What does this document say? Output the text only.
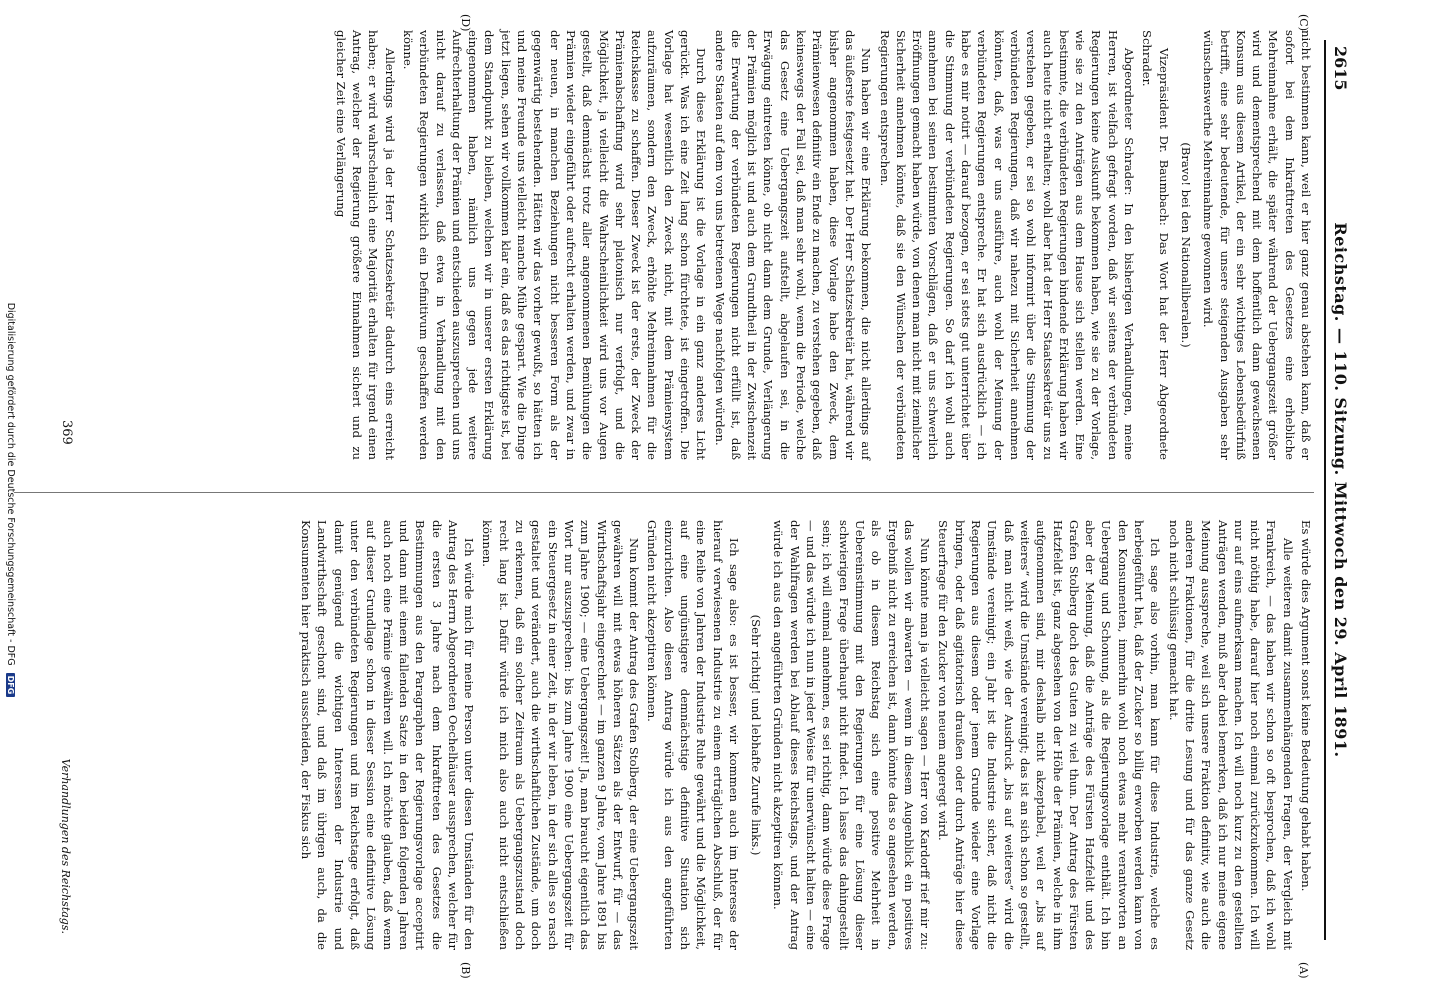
2615
Reichstag. — 110. Sitzung. Mittwoch den 29. April 1891.
(C)
(D)
(A)
(B)

nicht bestimmen kann, weil er hier ganz genau abstehen kann, daß er sofort bei dem Inkrafttreten des Gesetzes eine erhebliche Mehreinnahme erhält, die später während der Uebergangszeit größer wird und dementsprechend mit dem hoffentlich dann gewachsenen Konsum aus diesem Artikel, der ein sehr wichtiges Lebensbedürfniß betrifft, eine sehr bedeutende, für unsere steigenden Ausgaben sehr wünschenswerthe Mehreinnahme gewonnen wird.

(Bravo! bei den Nationalliberalen.)

Vizepräsident Dr. Baumbach: Das Wort hat der Herr Abgeordnete Schrader.

Abgeordneter Schrader: In den bisherigen Verhandlungen, meine Herren, ist vielfach gefragt worden, daß wir seitens der verbündeten Regierungen keine Auskunft bekommen haben, wie sie zu der Vorlage, wie sie zu den Anträgen aus dem Hause sich stellen werden. Eine bestimmte, die verbündeten Regierungen bindende Erklärung haben wir auch heute nicht erhalten; wohl aber hat der Herr Staatssekretär uns zu verstehen gegeben, er sei so wohl informirt über die Stimmung der verbündeten Regierungen, daß wir nahezu mit Sicherheit annehmen könnten, daß, was er uns ausführe, auch wohl der Meinung der verbündeten Regierungen entspreche. Er hat sich ausdrücklich — ich habe es mir notirt — darauf bezogen, er sei stets gut unterrichtet über die Stimmung der verbündeten Regierungen. So darf ich wohl auch annehmen bei seinen bestimmten Vorschlägen, daß er uns schwerlich Eröffnungen gemacht haben würde, von denen man nicht mit ziemlicher Sicherheit annehmen könnte, daß sie den Wünschen der verbündeten Regierungen entsprechen.

Nun haben wir eine Erklärung bekommen, die nicht allerdings auf das äußerste festgesetzt hat. Der Herr Schatzsekretär hat, während wir bisher angenommen haben, diese Vorlage habe den Zweck, dem Prämienwesen definitiv ein Ende zu machen, zu verstehen gegeben, daß keineswegs der Fall sei, daß man sehr wohl, wenn die Periode, welche das Gesetz eine Uebergangszeit aufstellt, abgelaufen sei, in die Erwägung eintreten könne, ob nicht dann dem Grunde, Verlängerung der Prämien möglich ist und auch dem Grundtheil in der Zwischenzeit die Erwartung der verbündeten Regierungen nicht erfüllt ist, daß andere Staaten auf dem von uns betretenen Wege nachfolgen würden.

Durch diese Erklärung ist die Vorlage in ein ganz anderes Licht gerückt. Was ich eine Zeit lang schon fürchtete, ist eingetroffen. Die Vorlage hat wesentlich den Zweck nicht, mit dem Prämiensystem aufzuräumen, sondern den Zweck, erhöhte Mehreinnahmen für die Reichskasse zu schaffen. Dieser Zweck ist der erste, der Zweck der Prämienabschaffung wird sehr platonisch nur verfolgt, und die Möglichkeit, ja vielleicht die Wahrscheinlichkeit wird uns vor Augen gestellt, daß demnächst trotz aller angenommenen Bemühungen die Prämien wieder eingeführt oder aufrecht erhalten werden, und zwar in der neuen, in manchen Beziehungen nicht besseren Form als der gegenwärtig bestehenden. Hätten wir das vorher gewußt, so hätten ich und meine Freunde uns vielleicht manche Mühe gespart. Wie die Dinge jetzt liegen, sehen wir vollkommen klar ein, daß es das richtigste ist, bei dem Standpunkt zu bleiben, welchen wir in unserer ersten Erklärung eingenommen haben, nämlich uns gegen jede weitere Aufrechterhaltung der Prämien und entschieden auszusprechen und uns nicht darauf zu verlassen, daß etwa in Verhandlung mit den verbündeten Regierungen wirklich ein Definitivum geschaffen werden könne.

Allerdings wird ja der Herr Schatzsekretär dadurch eins erreicht haben; er wird wahrscheinlich eine Majorität erhalten für irgend einen Antrag, welcher der Regierung größere Einnahmen sichert und zu gleicher Zeit eine Verlängerung

Es würde dies Argument sonst keine Bedeutung gehabt haben.

Alle weiteren damit zusammenhängenden Fragen, der Vergleich mit Frankreich, — das haben wir schon so oft besprochen, daß ich wohl nicht nöthig habe, darauf hier noch einmal zurückzukommen. Ich will nur auf eins aufmerksam machen. Ich will noch kurz zu den gestellten Anträgen wenden, muß aber dabei bemerken, daß ich nur meine eigene Meinung ausspreche, weil sich unsere Fraktion definitiv, wie auch die anderen Fraktionen, für die dritte Lesung und für das ganze Gesetz noch nicht schlüssig gemacht hat.

Ich sage also vorhin, man kann für diese Industrie, welche es herbeigeführt hat, daß der Zucker so billig erworben werden kann von den Konsumenten, immerhin wohl noch etwas mehr verantworten an Uebergang und Schonung, als die Regierungsvorlage enthält. Ich bin aber der Meinung, daß die Anträge des Fürsten Hatzfeldt und des Grafen Stolberg doch des Guten zu viel thun. Der Antrag des Fürsten Hatzfeldt ist, ganz abgesehen von der Höhe der Prämien, welche in ihm aufgenommen sind, mir deshalb nicht akzeptabel, weil er „bis auf weiteres“ wird die Umstände vereinigt; das ist an sich schon so gestellt, daß man nicht weiß, wie der Ausdruck „bis auf weiteres“ wird die Umstände vereinigt; ein Jahr ist die Industrie sicher, daß nicht die Regierungen aus diesem oder jenem Grunde wieder eine Vorlage bringen, oder daß agitatorisch draußen oder durch Anträge hier diese Steuerfrage für den Zucker von neuem angeregt wird.

Nun könnte man ja vielleicht sagen — Herr von Kardorff rief mir zu: das wollen wir abwarten — wenn in diesem Augenblick ein positives Ergebniß nicht zu erreichen ist, dann könnte das so angesehen werden, als ob in diesem Reichstag sich eine positive Mehrheit in Uebereinstimmung mit den Regierungen für eine Lösung dieser schwierigen Frage überhaupt nicht findet. Ich lasse das dahingestellt sein; ich will einmal annehmen, es sei richtig, dann würde diese Frage — und das würde ich nun in jeder Weise für unerwünscht halten — eine der Wahlfragen werden bei Ablauf dieses Reichstags, und der Antrag würde ich aus den angeführten Gründen nicht akzeptiren können.

(Sehr richtig! und lebhafte Zurufe links.)

Ich sage also: es ist besser, wir kommen auch im Interesse der hierauf verwiesenen Industrie zu einem erträglichen Abschluß, der für eine Reihe von Jahren der Industrie Ruhe gewährt und die Möglichkeit, auf eine ungünstigere demnächstige definitive Situation sich einzurichten. Also diesen Antrag würde ich aus den angeführten Gründen nicht akzeptiren können.

Nun kommt der Antrag des Grafen Stolberg, der eine Uebergangszeit gewähren will mit etwas höheren Sätzen als der Entwurf, für — das Wirthschaftsjahr eingerechnet — im ganzen 9 Jahre, vom Jahre 1891 bis zum Jahre 1900; — eine Uebergangszeit! Ja, man braucht eigentlich das Wort nur auszusprechen: bis zum Jahre 1900 eine Uebergangszeit für ein Steuergesetz in einer Zeit, in der wir leben, in der sich alles so rasch gestaltet und verändert, auch die wirthschaftlichen Zustände, um doch zu erkennen, daß ein solcher Zeitraum als Uebergangszustand doch recht lang ist. Dafür würde ich mich also auch nicht entschließen können.

Ich würde mich für meine Person unter diesen Umständen für den Antrag des Herrn Abgeordneten Oechelhäuser aussprechen, welcher für die ersten 3 Jahre nach dem Inkrafttreten des Gesetzes die Bestimmungen aus den Paragraphen der Regierungsvorlage acceptirt und dann mit einem fallenden Satze in den beiden folgenden Jahren auch noch eine Prämie gewähren will. Ich möchte glauben, daß wenn auf dieser Grundlage schon in dieser Session eine definitive Lösung unter den verbündeten Regierungen und im Reichstage erfolgt, daß damit genügend die wichtigen Interessen der Industrie und Landwirthschaft geschont sind, und daß im übrigen auch, da die Konsumenten hier praktisch ausscheiden, der Fiskus sich

369
Verhandlungen des Reichstags.
Digitalisierung gefördert durch die Deutsche Forschungsgemeinschaft - DFG DFG
